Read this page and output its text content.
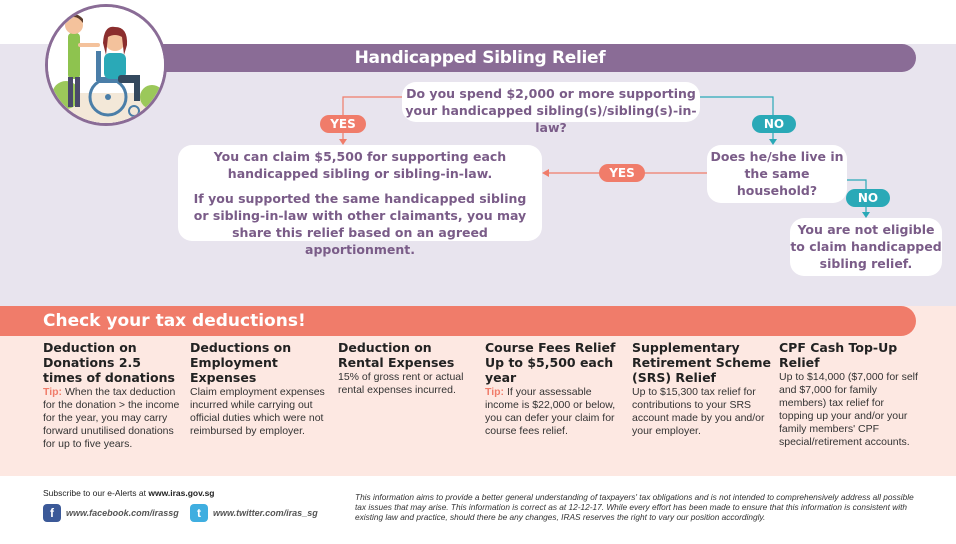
Handicapped Sibling Relief
Do you spend $2,000 or more supporting your handicapped sibling(s)/sibling(s)-in-law?
Does he/she live in the same household?

You can claim $5,500 for supporting each handicapped sibling or sibling-in-law.

If you supported the same handicapped sibling or sibling-in-law with other claimants, you may share this relief based on an agreed apportionment.

You are not eligible to claim handicapped sibling relief.
YES	NO
YES
NO
Check your tax deductions!
Deduction on Donations 2.5 times of donations
Tip: When the tax deduction for the donation > the income for the year, you may carry forward unutilised donations for up to five years.
Deductions on Employment Expenses
Claim employment expenses incurred while carrying out official duties which were not reimbursed by employer.
Deduction on Rental Expenses
15% of gross rent or actual rental expenses incurred.
Course Fees Relief Up to $5,500 each year
Tip: If your assessable income is $22,000 or below, you can defer your claim for course fees relief.
Supplementary Retirement Scheme (SRS) Relief
Up to $15,300 tax relief for contributions to your SRS account made by you and/or your employer.
CPF Cash Top-Up Relief
Up to $14,000 ($7,000 for self and $7,000 for family members) tax relief for topping up your and/or your family members' CPF special/retirement accounts.
Subscribe to our e-Alerts at www.iras.gov.sg
f	www.facebook.com/irassg	t	www.twitter.com/iras_sg
This information aims to provide a better general understanding of taxpayers' tax obligations and is not intended to comprehensively address all possible tax issues that may arise. This information is correct as at 12-12-17. While every effort has been made to ensure that this information is consistent with existing law and practice, should there be any changes, IRAS reserves the right to vary our position accordingly.
